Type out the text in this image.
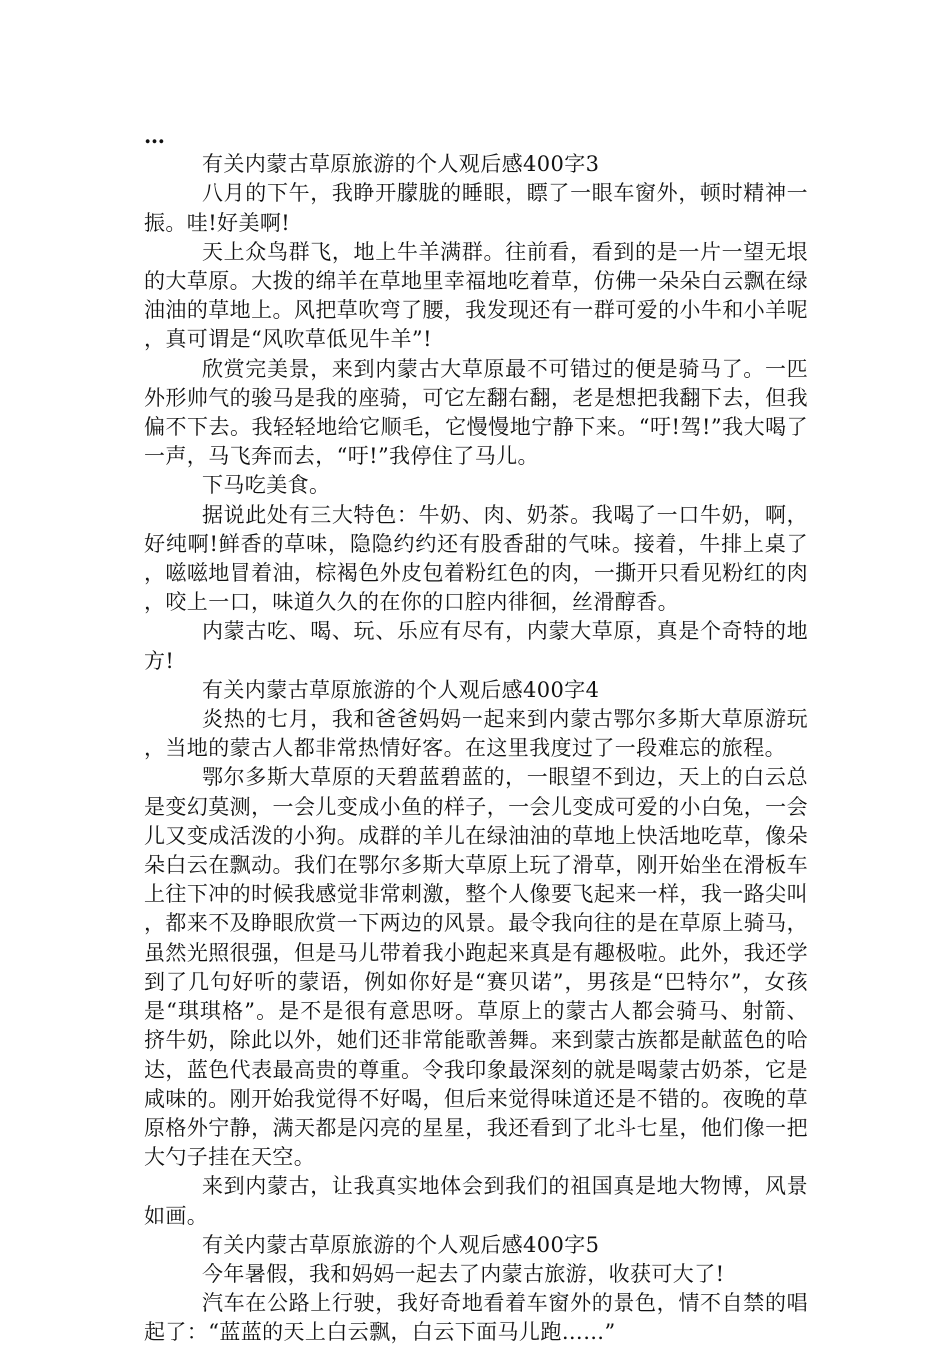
…

有关内蒙古草原旅游的个人观后感400字3

八月的下午，我睁开朦胧的睡眼，瞟了一眼车窗外，顿时精神一振。哇!好美啊!

天上众鸟群飞，地上牛羊满群。往前看，看到的是一片一望无垠的大草原。大拨的绵羊在草地里幸福地吃着草，仿佛一朵朵白云飘在绿油油的草地上。风把草吹弯了腰，我发现还有一群可爱的小牛和小羊呢，真可谓是“风吹草低见牛羊”!

欣赏完美景，来到内蒙古大草原最不可错过的便是骑马了。一匹外形帅气的骏马是我的座骑，可它左翻右翻，老是想把我翻下去，但我偏不下去。我轻轻地给它顺毛，它慢慢地宁静下来。“吁!驾!”我大喝了一声，马飞奔而去，“吁!”我停住了马儿。

下马吃美食。

据说此处有三大特色：牛奶、肉、奶茶。我喝了一口牛奶，啊，好纯啊!鲜香的草味，隐隐约约还有股香甜的气味。接着，牛排上桌了，嗞嗞地冒着油，棕褐色外皮包着粉红色的肉，一撕开只看见粉红的肉，咬上一口，味道久久的在你的口腔内徘徊，丝滑醇香。

内蒙古吃、喝、玩、乐应有尽有，内蒙大草原，真是个奇特的地方!

有关内蒙古草原旅游的个人观后感400字4

炎热的七月，我和爸爸妈妈一起来到内蒙古鄂尔多斯大草原游玩，当地的蒙古人都非常热情好客。在这里我度过了一段难忘的旅程。

鄂尔多斯大草原的天碧蓝碧蓝的，一眼望不到边，天上的白云总是变幻莫测，一会儿变成小鱼的样子，一会儿变成可爱的小白兔，一会儿又变成活泼的小狗。成群的羊儿在绿油油的草地上快活地吃草，像朵朵白云在飘动。我们在鄂尔多斯大草原上玩了滑草，刚开始坐在滑板车上往下冲的时候我感觉非常刺激，整个人像要飞起来一样，我一路尖叫，都来不及睁眼欣赏一下两边的风景。最令我向往的是在草原上骑马，虽然光照很强，但是马儿带着我小跑起来真是有趣极啦。此外，我还学到了几句好听的蒙语，例如你好是“赛贝诺”，男孩是“巴特尔”，女孩是“琪琪格”。是不是很有意思呀。草原上的蒙古人都会骑马、射箭、挤牛奶，除此以外，她们还非常能歌善舞。来到蒙古族都是献蓝色的哈达，蓝色代表最高贵的尊重。令我印象最深刻的就是喝蒙古奶茶，它是咸味的。刚开始我觉得不好喝，但后来觉得味道还是不错的。夜晚的草原格外宁静，满天都是闪亮的星星，我还看到了北斗七星，他们像一把大勺子挂在天空。

来到内蒙古，让我真实地体会到我们的祖国真是地大物博，风景如画。

有关内蒙古草原旅游的个人观后感400字5

今年暑假，我和妈妈一起去了内蒙古旅游，收获可大了!

汽车在公路上行驶，我好奇地看着车窗外的景色，情不自禁的唱起了：“蓝蓝的天上白云飘，白云下面马儿跑……”
